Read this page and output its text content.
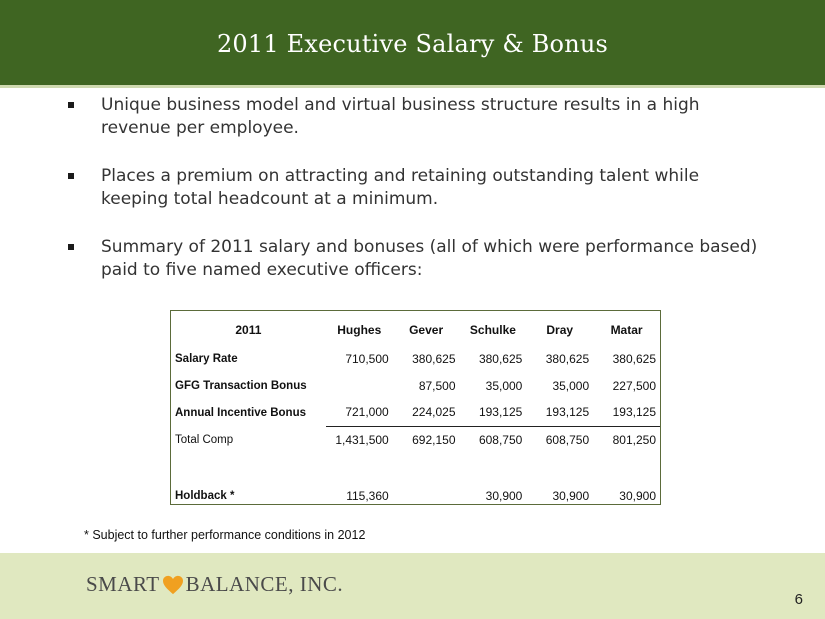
2011 Executive Salary & Bonus
Unique business model and virtual business structure results in a high revenue per employee.
Places a premium on attracting and retaining outstanding talent while keeping total headcount at a minimum.
Summary of 2011 salary and bonuses (all of which were performance based) paid to five named executive officers:
2011	Hughes	Gever	Schulke	Dray	Matar
Salary Rate	710,500	380,625	380,625	380,625	380,625
GFG Transaction Bonus		87,500	35,000	35,000	227,500
Annual Incentive Bonus	721,000	224,025	193,125	193,125	193,125
Total Comp	1,431,500	692,150	608,750	608,750	801,250

Holdback *	115,360		30,900	30,900	30,900
* Subject to further performance conditions in 2012
SMART BALANCE, INC.
6
